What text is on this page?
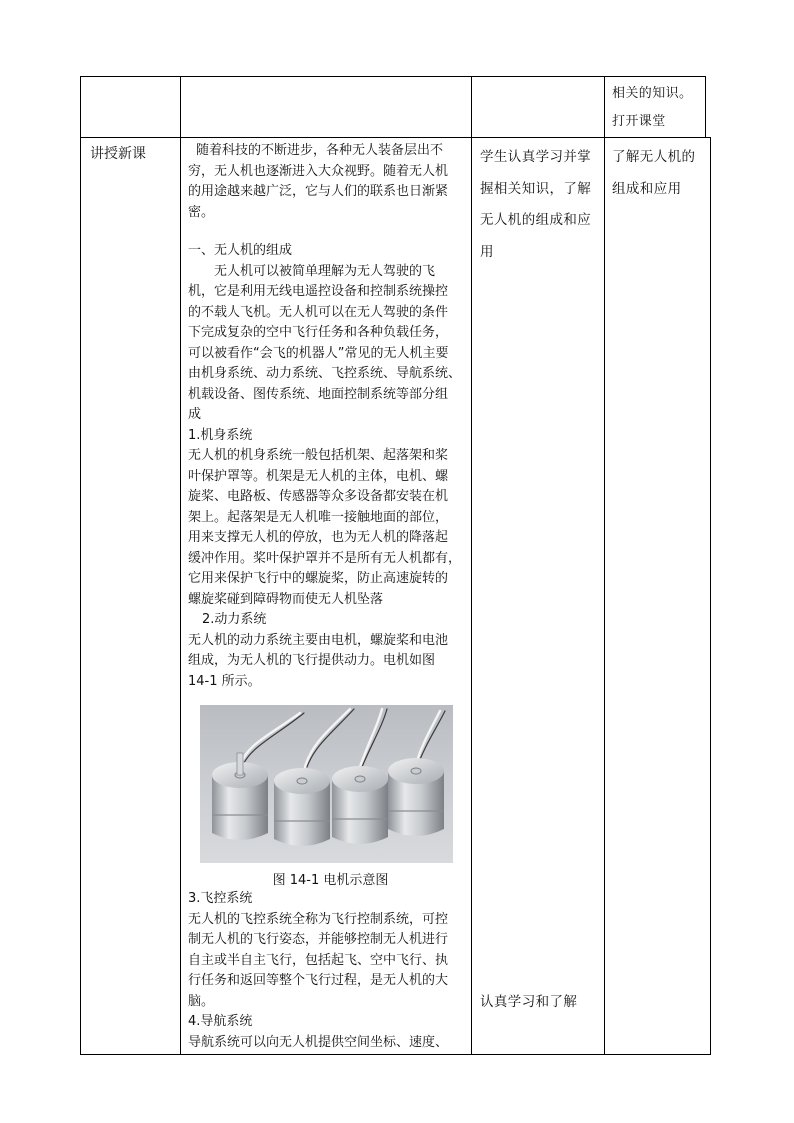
相关的知识。

打开课堂

讲授新课	随着科技的不断进步，各种无人装备层出不

穷，无人机也逐渐进入大众视野。随着无人机

的用途越来越广泛，它与人们的联系也日渐紧

密。

一、无人机的组成

无人机可以被简单理解为无人驾驶的飞

机，它是利用无线电遥控设备和控制系统操控

的不载人飞机。无人机可以在无人驾驶的条件

下完成复杂的空中飞行任务和各种负载任务，

可以被看作“会飞的机器人”常见的无人机主要

由机身系统、动力系统、飞控系统、导航系统、

机载设备、图传系统、地面控制系统等部分组

成

1.机身系统

无人机的机身系统一般包括机架、起落架和桨

叶保护罩等。机架是无人机的主体，电机、螺

旋桨、电路板、传感器等众多设备都安装在机

架上。起落架是无人机唯一接触地面的部位，

用来支撑无人机的停放，也为无人机的降落起

缓冲作用。桨叶保护罩并不是所有无人机都有，

它用来保护飞行中的螺旋桨，防止高速旋转的

螺旋桨碰到障碍物而使无人机坠落

2.动力系统

无人机的动力系统主要由电机，螺旋桨和电池

组成，为无人机的飞行提供动力。电机如图

14-1 所示。

图 14-1 电机示意图

3.飞控系统

无人机的飞控系统全称为飞行控制系统，可控

制无人机的飞行姿态，并能够控制无人机进行

自主或半自主飞行，包括起飞、空中飞行、执

行任务和返回等整个飞行过程，是无人机的大

脑。

4.导航系统

导航系统可以向无人机提供空间坐标、速度、

学生认真学习并掌

握相关知识，了解

无人机的组成和应

用

认真学习和了解

了解无人机的

组成和应用
